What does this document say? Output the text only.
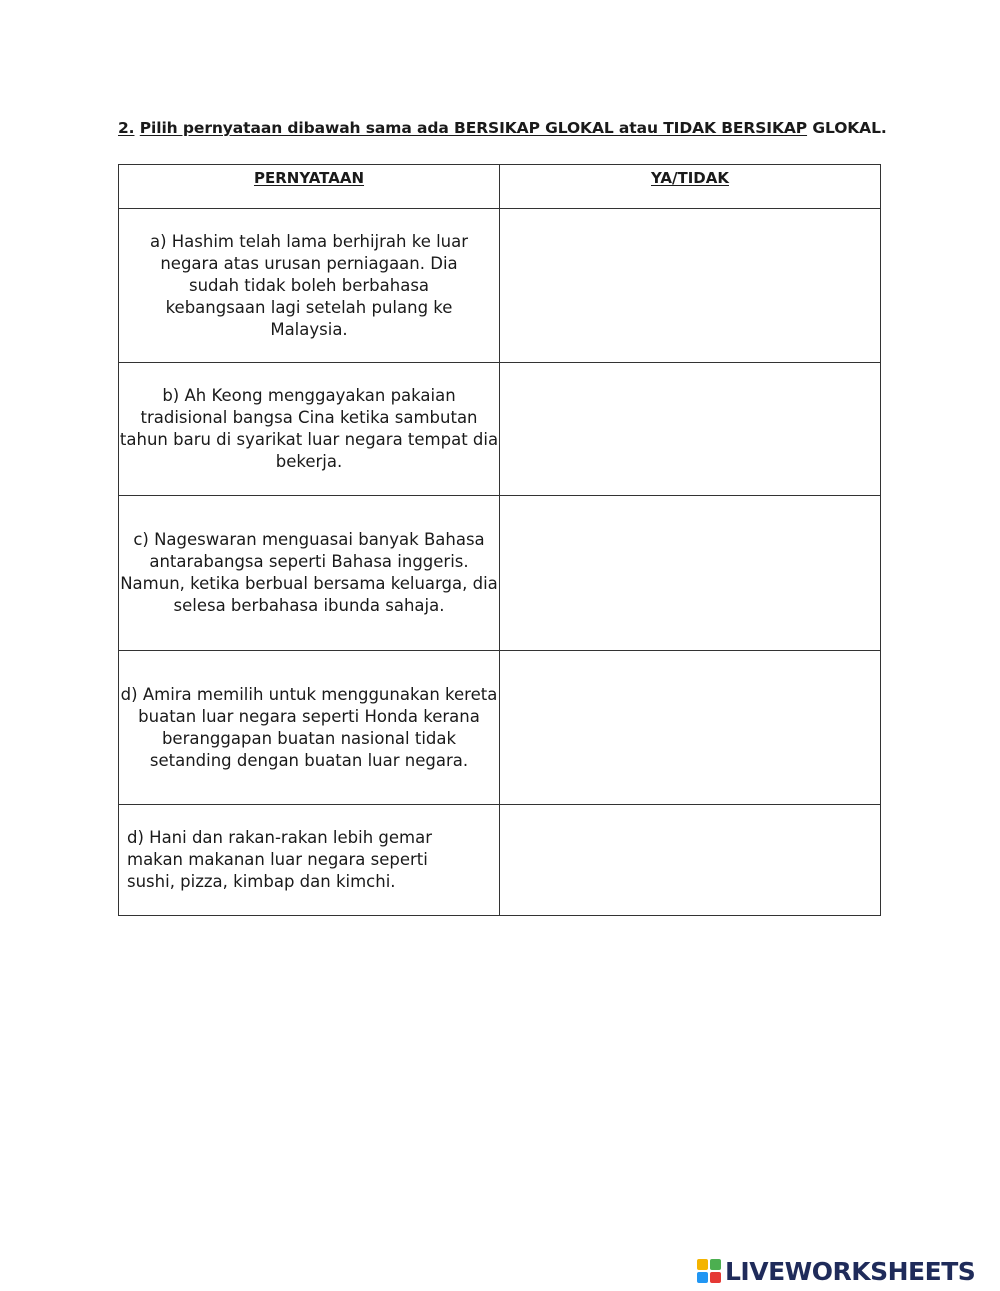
2. Pilih pernyataan dibawah sama ada BERSIKAP GLOKAL atau TIDAK BERSIKAP GLOKAL.
PERNYATAAN	YA/TIDAK
a) Hashim telah lama berhijrah ke luar negara atas urusan perniagaan. Dia sudah tidak boleh berbahasa kebangsaan lagi setelah pulang ke Malaysia.	
b) Ah Keong menggayakan pakaian tradisional bangsa Cina ketika sambutan tahun baru di syarikat luar negara tempat dia bekerja.	
c) Nageswaran menguasai banyak Bahasa antarabangsa seperti Bahasa inggeris. Namun, ketika berbual bersama keluarga, dia selesa berbahasa ibunda sahaja.	
d) Amira memilih untuk menggunakan kereta buatan luar negara seperti Honda kerana beranggapan buatan nasional tidak setanding dengan buatan luar negara.	
d) Hani dan rakan-rakan lebih gemar makan makanan luar negara seperti sushi, pizza, kimbap dan kimchi.	
LIVEWORKSHEETS
